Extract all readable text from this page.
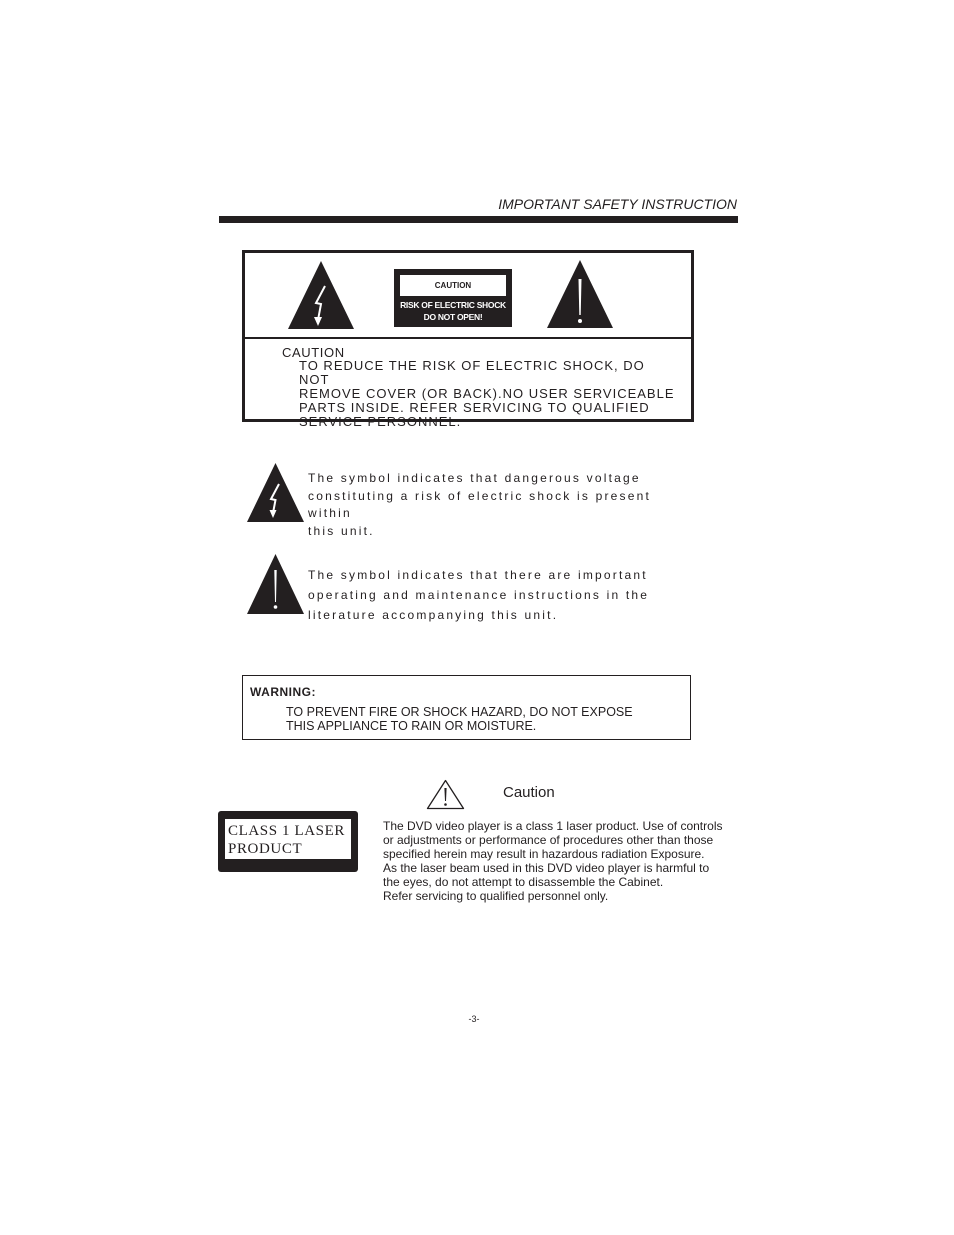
IMPORTANT SAFETY INSTRUCTION
CAUTION
RISK OF ELECTRIC SHOCK
DO NOT OPEN!
CAUTION
TO REDUCE THE RISK OF ELECTRIC SHOCK, DO NOT
REMOVE COVER (OR BACK).NO USER SERVICEABLE
PARTS INSIDE. REFER SERVICING TO QUALIFIED
SERVICE PERSONNEL.
The symbol indicates that dangerous voltage
constituting a risk of electric shock is present within
this unit.
The symbol indicates that there are important
operating and maintenance instructions in the
literature accompanying this unit.
WARNING:
TO PREVENT FIRE OR SHOCK HAZARD, DO NOT EXPOSE
THIS APPLIANCE TO RAIN OR MOISTURE.
CLASS 1 LASER
PRODUCT
Caution
The DVD video player is a class 1 laser product. Use of controls
or adjustments or performance of procedures other than those
specified herein may result in hazardous radiation Exposure.
As the laser beam used in this DVD video player is harmful to
the eyes, do not attempt to disassemble the Cabinet.
Refer servicing to qualified personnel only.
-3-
